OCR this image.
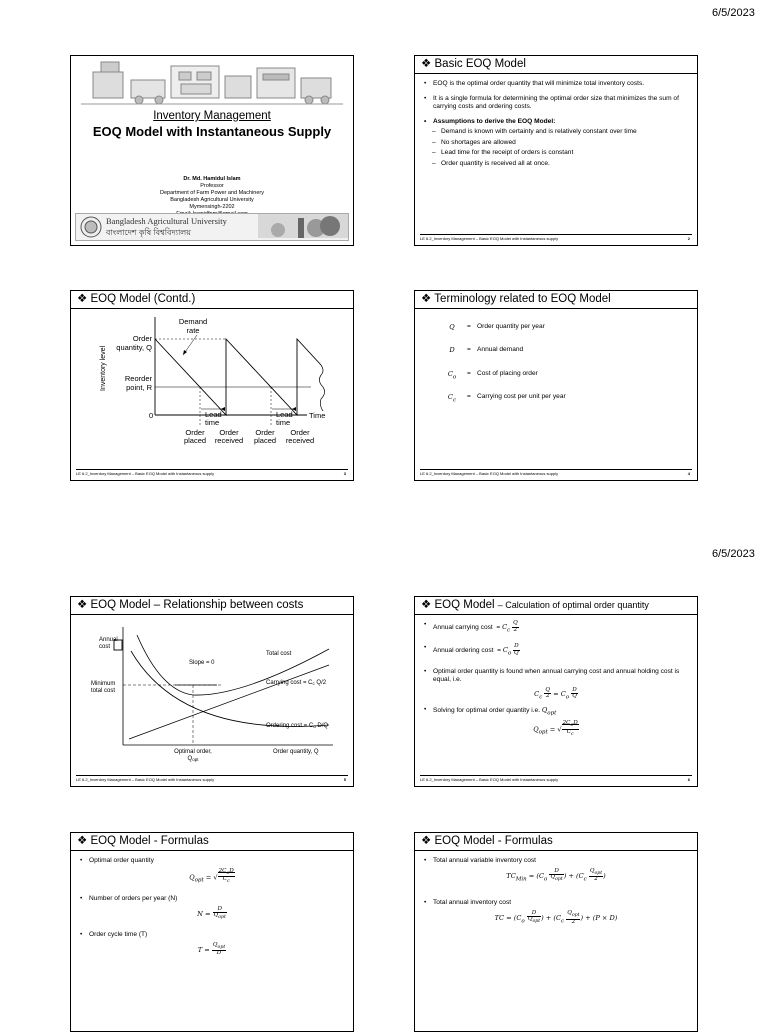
6/5/2023
6/5/2023
Inventory Management
EOQ Model with Instantaneous Supply
Dr. Md. Hamidul Islam
Professor
Department of Farm Power and Machinery
Bangladesh Agricultural University
Mymensingh-2202
Bangladesh Agricultural University
বাংলাদেশ কৃষি বিশ্ববিদ্যালয়
❖ Basic EOQ Model
• EOQ is the optimal order quantity that will minimize total inventory costs.
• It is a single formula for determining the optimal order size that minimizes the sum of carrying costs and ordering costs.
• Assumptions to derive the EOQ Model:
– Demand is known with certainty and is relatively constant over time
– No shortages are allowed
– Lead time for the receipt of orders is constant
– Order quantity is received all at once.
LE 6.2_Inventory Management – Basic EOQ Model with Instantaneous supply	2
❖ EOQ Model (Contd.)
Inventory level
Order quantity, Q
Demand rate
Reorder point, R
0	Time
Lead time
Lead time
Order placed
Order received
Order placed
Order received
LE 6.2_Inventory Management – Basic EOQ Model with Instantaneous supply	3
❖ Terminology related to EOQ Model
Q	= Order quantity per year
D	= Annual demand
$C_o$
= Cost of placing order
$C_c$
= Carrying cost per unit per year
LE 6.2_Inventory Management – Basic EOQ Model with Instantaneous supply	4
❖ EOQ Model – Relationship between costs
Annual cost
Slope = 0
Total cost
Carrying cost = Cc Q/2
Ordering cost = Co D/Q
Minimum total cost
Optimal order, Qopt
Order quantity, Q
LE 6.2_Inventory Management – Basic EOQ Model with Instantaneous supply	5
❖ EOQ Model – Calculation of optimal order quantity
• Annual carrying $\cos t = C_c \frac{Q}{2}$
• Annual ordering $\cos t = C_o \frac{D}{Q}$
• Optimal order quantity is found when annual carrying cost and annual holding cost is equal, i.e.
$C_c \frac{Q}{2} = C_o \frac{D}{Q}$
• Solving for optimal order quantity i.e. $Q_{opt}$
$Q_{opt}$ = √ $\frac{2C_oD}{C_c}$
LE 6.2_Inventory Management – Basic EOQ Model with Instantaneous supply	6
❖ EOQ Model - Formulas
• Optimal order quantity
$Q_{opt}$ = √ $\frac{2C_oD}{C_c}$
• Number of orders per year (N)
$N = \frac{D}{Q_{opt}}$
• Order cycle time (T)
$T = \frac{Q_{opt}}{D}$
❖ EOQ Model - Formulas
• Total annual variable inventory cost
$TC_{Min} = (C_o \frac{D}{Q_{opt}}$ ) + ($C_c \frac{Q_{opt}}{2}$ )
• Total annual inventory cost
TC = ($C_o \frac{D}{Q_{opt}}$ ) + ($C_c \frac{Q_{opt}}{2}$ ) + (P × D)
